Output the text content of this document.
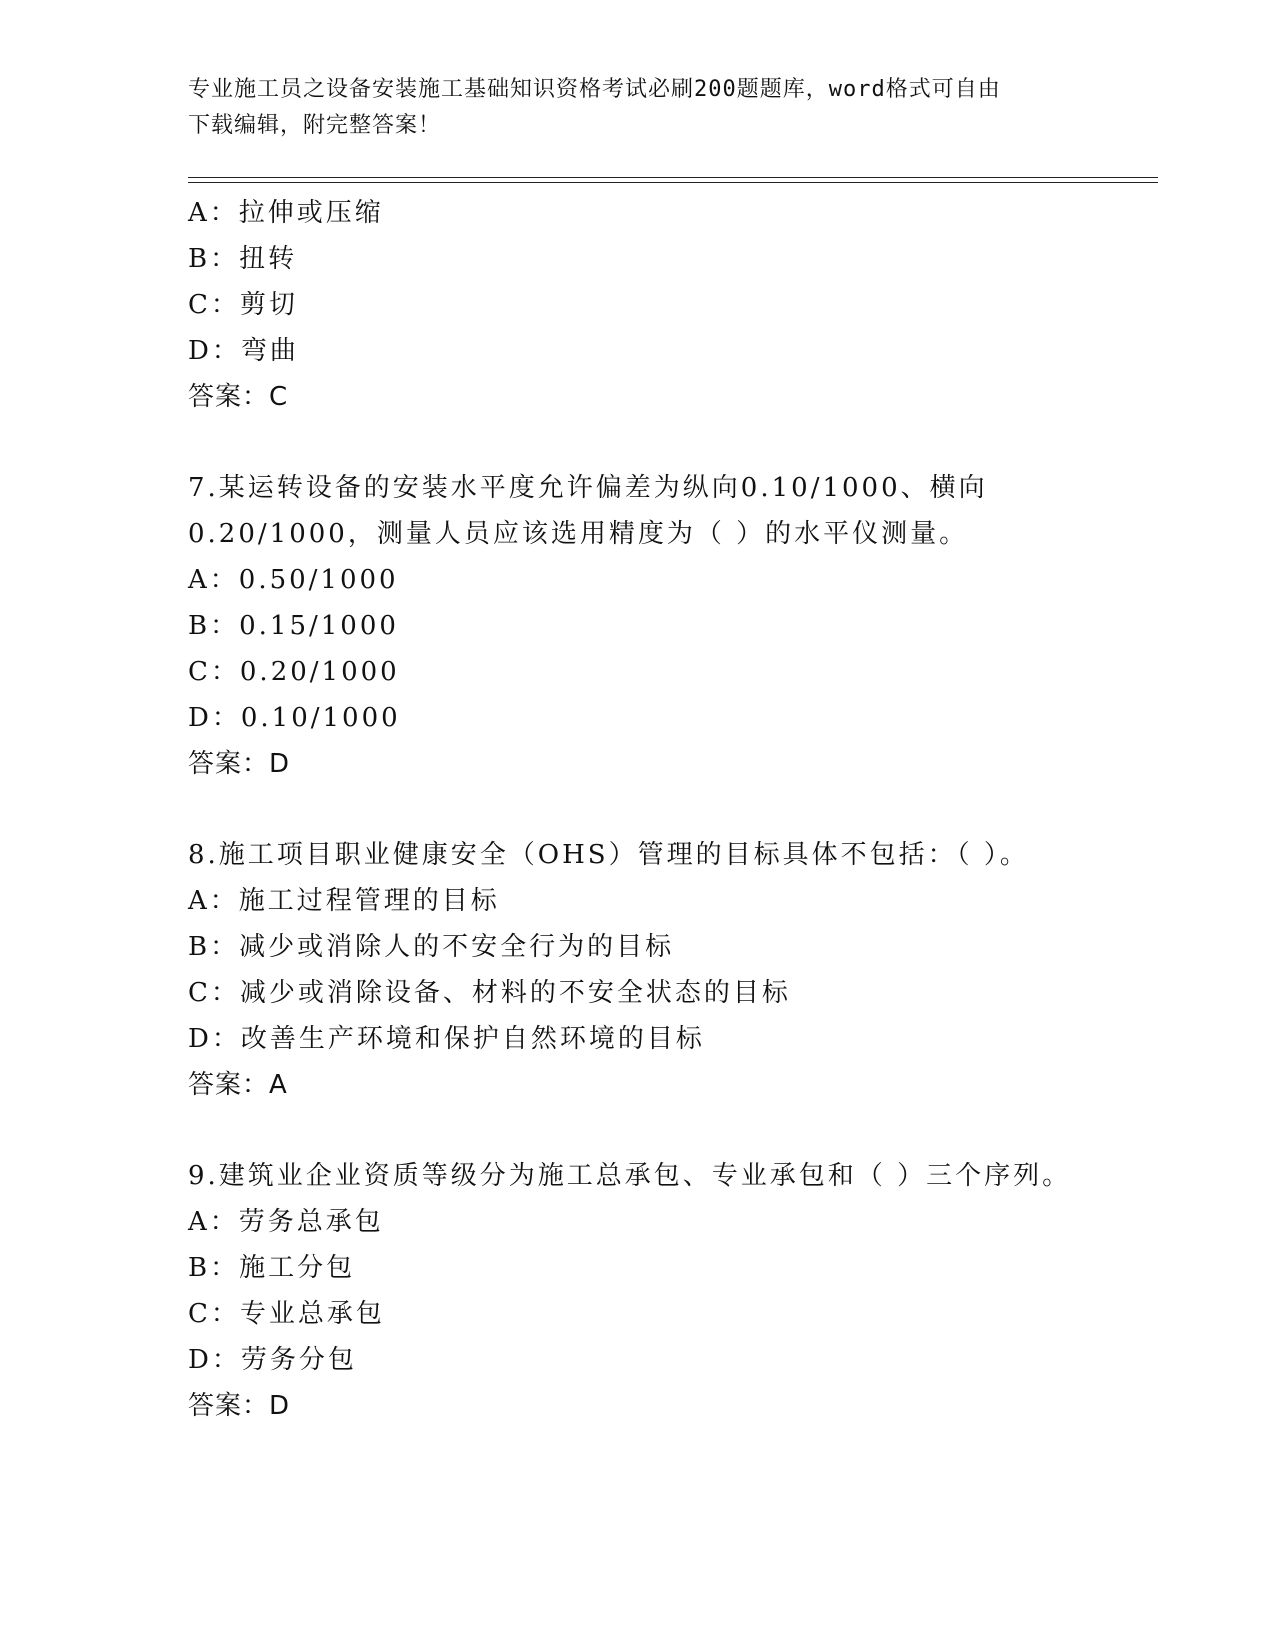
专业施工员之设备安装施工基础知识资格考试必刷200题题库，word格式可自由
下载编辑，附完整答案！
A：拉伸或压缩
B：扭转
C：剪切
D：弯曲
答案：C
7.某运转设备的安装水平度允许偏差为纵向0.10/1000、横向
0.20/1000，测量人员应该选用精度为（ ）的水平仪测量。
A：0.50/1000
B：0.15/1000
C：0.20/1000
D：0.10/1000
答案：D
8.施工项目职业健康安全（OHS）管理的目标具体不包括：（ ）。
A：施工过程管理的目标
B：减少或消除人的不安全行为的目标
C：减少或消除设备、材料的不安全状态的目标
D：改善生产环境和保护自然环境的目标
答案：A
9.建筑业企业资质等级分为施工总承包、专业承包和（ ）三个序列。
A：劳务总承包
B：施工分包
C：专业总承包
D：劳务分包
答案：D
